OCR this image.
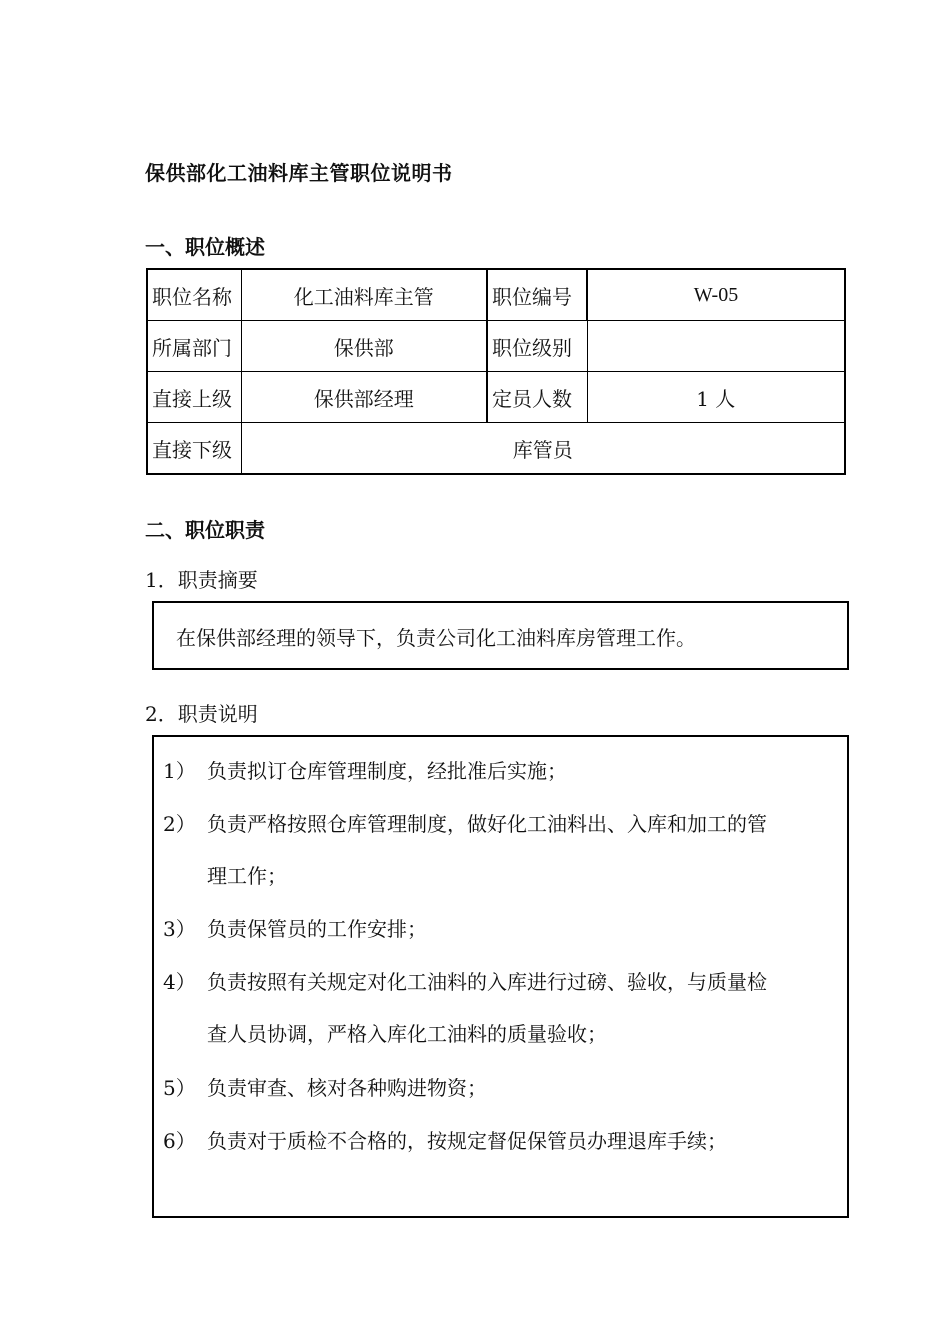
保供部化工油料库主管职位说明书
一、职位概述
职位名称	化工油料库主管	职位编号	W-05
所属部门	保供部	职位级别	
直接上级	保供部经理	定员人数	1 人
直接下级	库管员		
二、职位职责
1．职责摘要
在保供部经理的领导下，负责公司化工油料库房管理工作。
2．职责说明
1） 负责拟订仓库管理制度，经批准后实施；
2） 负责严格按照仓库管理制度，做好化工油料出、入库和加工的管
理工作；
3） 负责保管员的工作安排；
4） 负责按照有关规定对化工油料的入库进行过磅、验收，与质量检
查人员协调，严格入库化工油料的质量验收；
5） 负责审查、核对各种购进物资；
6） 负责对于质检不合格的，按规定督促保管员办理退库手续；
